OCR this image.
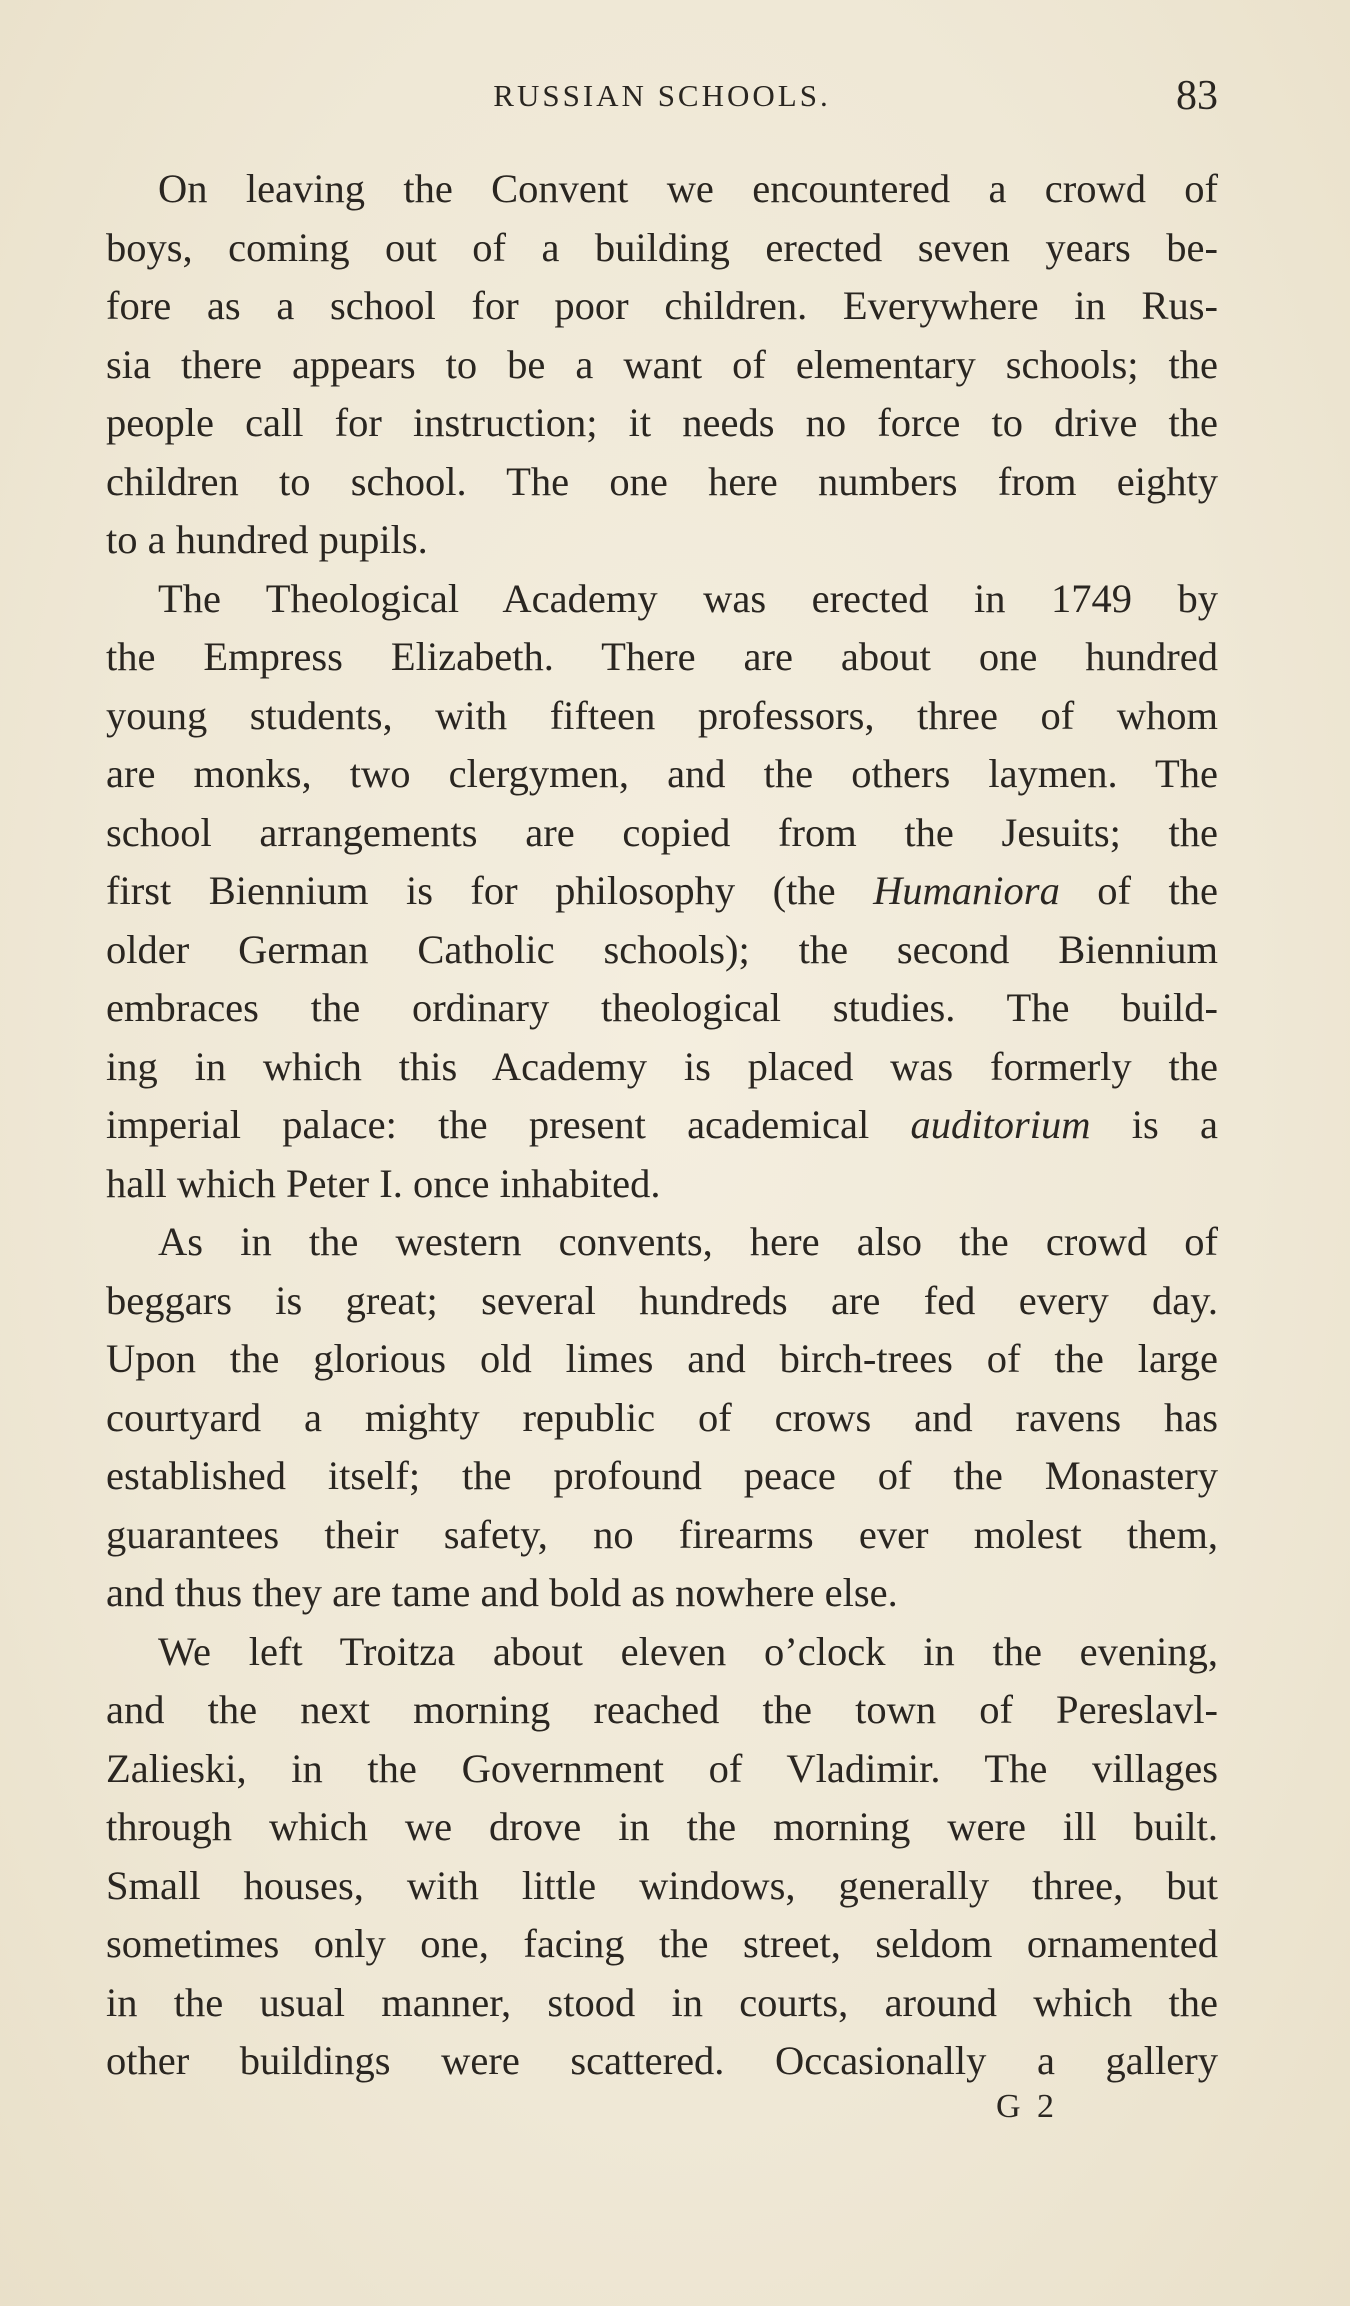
RUSSIAN SCHOOLS.	83
On leaving the Convent we encountered a crowd of
boys, coming out of a building erected seven years be-
fore as a school for poor children. Everywhere in Rus-
sia there appears to be a want of elementary schools; the
people call for instruction; it needs no force to drive the
children to school. The one here numbers from eighty
to a hundred pupils.
The Theological Academy was erected in 1749 by
the Empress Elizabeth. There are about one hundred
young students, with fifteen professors, three of whom
are monks, two clergymen, and the others laymen. The
school arrangements are copied from the Jesuits; the
first Biennium is for philosophy (the Humaniora of the
older German Catholic schools); the second Biennium
embraces the ordinary theological studies. The build-
ing in which this Academy is placed was formerly the
imperial palace: the present academical auditorium is a
hall which Peter I. once inhabited.
As in the western convents, here also the crowd of
beggars is great; several hundreds are fed every day.
Upon the glorious old limes and birch-trees of the large
courtyard a mighty republic of crows and ravens has
established itself; the profound peace of the Monastery
guarantees their safety, no firearms ever molest them,
and thus they are tame and bold as nowhere else.
We left Troitza about eleven o’clock in the evening,
and the next morning reached the town of Pereslavl-
Zalieski, in the Government of Vladimir. The villages
through which we drove in the morning were ill built.
Small houses, with little windows, generally three, but
sometimes only one, facing the street, seldom ornamented
in the usual manner, stood in courts, around which the
other buildings were scattered. Occasionally a gallery
G 2
